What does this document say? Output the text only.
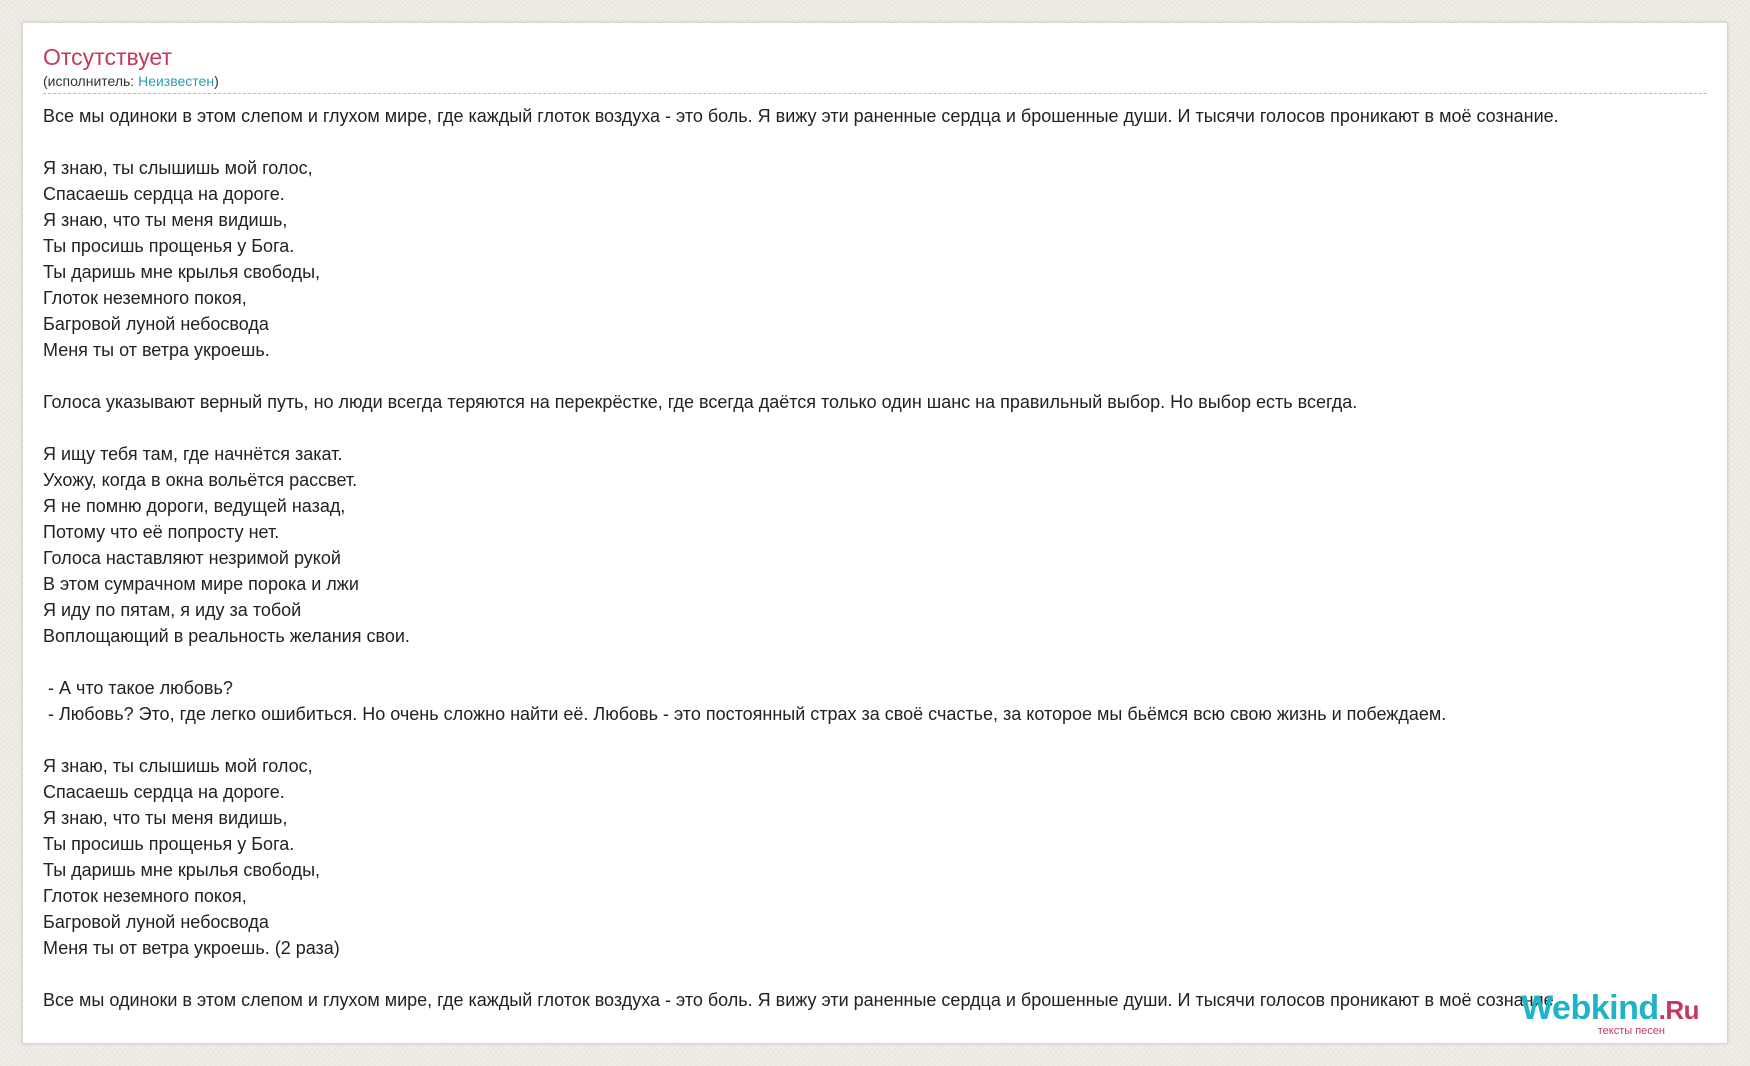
Отсутствует
(исполнитель: Неизвестен)
Все мы одиноки в этом слепом и глухом мире, где каждый глоток воздуха - это боль. Я вижу эти раненные сердца и брошенные души. И тысячи голосов проникают в моё сознание.
Я знаю, ты слышишь мой голос,
Спасаешь сердца на дороге.
Я знаю, что ты меня видишь,
Ты просишь прощенья у Бога.
Ты даришь мне крылья свободы,
Глоток неземного покоя,
Багровой луной небосвода
Меня ты от ветра укроешь.
Голоса указывают верный путь, но люди всегда теряются на перекрёстке, где всегда даётся только один шанс на правильный выбор. Но выбор есть всегда.
Я ищу тебя там, где начнётся закат.
Ухожу, когда в окна вольётся рассвет.
Я не помню дороги, ведущей назад,
Потому что её попросту нет.
Голоса наставляют незримой рукой
В этом сумрачном мире порока и лжи
Я иду по пятам, я иду за тобой
Воплощающий в реальность желания свои.
- А что такое любовь?
- Любовь? Это, где легко ошибиться. Но очень сложно найти её. Любовь - это постоянный страх за своё счастье, за которое мы бьёмся всю свою жизнь и побеждаем.
Я знаю, ты слышишь мой голос,
Спасаешь сердца на дороге.
Я знаю, что ты меня видишь,
Ты просишь прощенья у Бога.
Ты даришь мне крылья свободы,
Глоток неземного покоя,
Багровой луной небосвода
Меня ты от ветра укроешь. (2 раза)
Все мы одиноки в этом слепом и глухом мире, где каждый глоток воздуха - это боль. Я вижу эти раненные сердца и брошенные души. И тысячи голосов проникают в моё сознание.
Webkind.Ru
тексты песен
